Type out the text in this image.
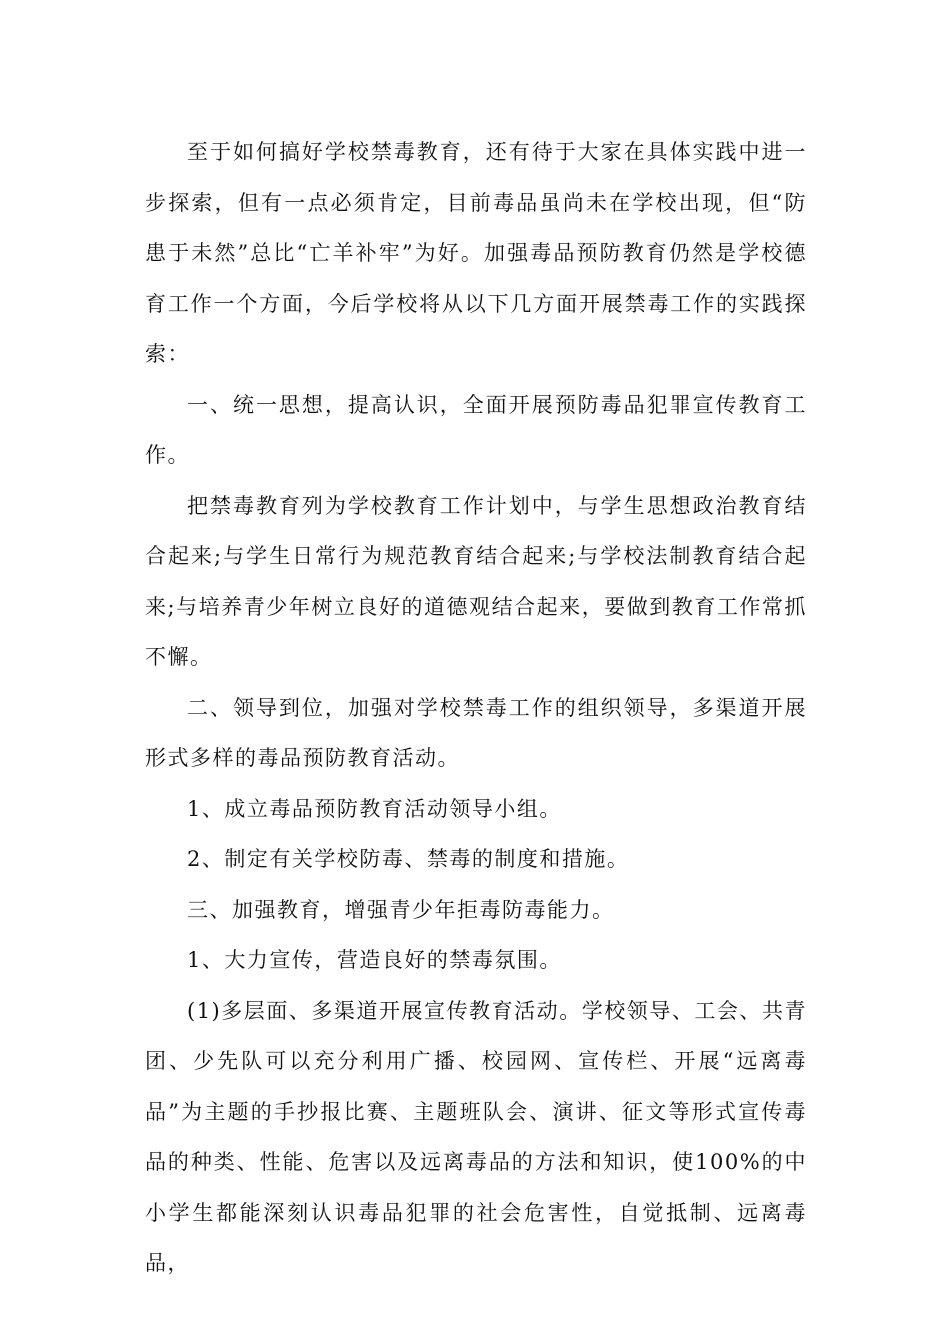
至于如何搞好学校禁毒教育，还有待于大家在具体实践中进一步探索，但有一点必须肯定，目前毒品虽尚未在学校出现，但“防患于未然”总比“亡羊补牢”为好。加强毒品预防教育仍然是学校德育工作一个方面，今后学校将从以下几方面开展禁毒工作的实践探索：

一、统一思想，提高认识，全面开展预防毒品犯罪宣传教育工作。

把禁毒教育列为学校教育工作计划中，与学生思想政治教育结合起来;与学生日常行为规范教育结合起来;与学校法制教育结合起来;与培养青少年树立良好的道德观结合起来，要做到教育工作常抓不懈。

二、领导到位，加强对学校禁毒工作的组织领导，多渠道开展形式多样的毒品预防教育活动。

1、成立毒品预防教育活动领导小组。

2、制定有关学校防毒、禁毒的制度和措施。

三、加强教育，增强青少年拒毒防毒能力。

1、大力宣传，营造良好的禁毒氛围。

(1)多层面、多渠道开展宣传教育活动。学校领导、工会、共青团、少先队可以充分利用广播、校园网、宣传栏、开展“远离毒品”为主题的手抄报比赛、主题班队会、演讲、征文等形式宣传毒品的种类、性能、危害以及远离毒品的方法和知识，使100%的中小学生都能深刻认识毒品犯罪的社会危害性，自觉抵制、远离毒品，
